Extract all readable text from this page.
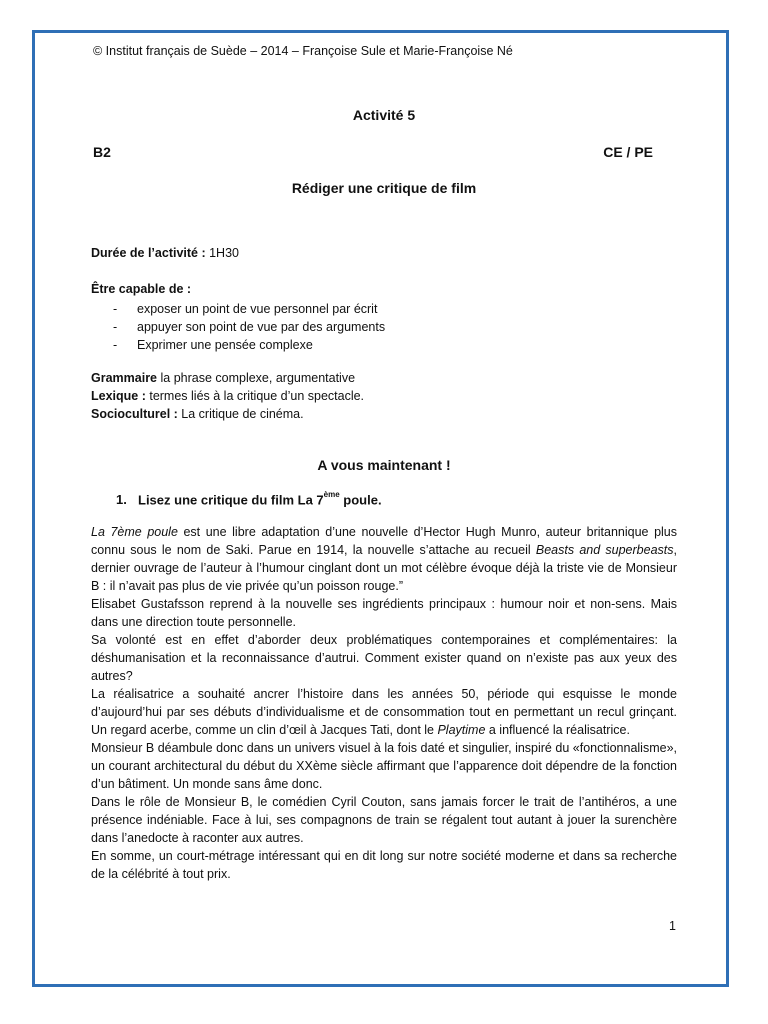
© Institut français de Suède – 2014 – Françoise Sule et Marie-Françoise Né
Activité 5
B2	CE / PE
Rédiger une critique de film
Durée de l’activité : 1H30
Être capable de :
- exposer un point de vue personnel par écrit
- appuyer son point de vue par des arguments
- Exprimer une pensée complexe
Grammaire la phrase complexe, argumentative
Lexique : termes liés à la critique d’un spectacle.
Socioculturel : La critique de cinéma.
A vous maintenant !
1. Lisez une critique du film La 7ème poule.

La 7ème poule est une libre adaptation d’une nouvelle d’Hector Hugh Munro, auteur britannique plus connu sous le nom de Saki. Parue en 1914, la nouvelle s’attache au recueil Beasts and superbeasts, dernier ouvrage de l’auteur à l’humour cinglant dont un mot célèbre évoque déjà la triste vie de Monsieur B : il n’avait pas plus de vie privée qu’un poisson rouge.”

Elisabet Gustafsson reprend à la nouvelle ses ingrédients principaux : humour noir et non-sens. Mais dans une direction toute personnelle.

Sa volonté est en effet d’aborder deux problématiques contemporaines et complémentaires: la déshumanisation et la reconnaissance d’autrui. Comment exister quand on n’existe pas aux yeux des autres?

La réalisatrice a souhaité ancrer l’histoire dans les années 50, période qui esquisse le monde d’aujourd’hui par ses débuts d’individualisme et de consommation tout en permettant un recul grinçant. Un regard acerbe, comme un clin d’œil à Jacques Tati, dont le Playtime a influencé la réalisatrice.

Monsieur B déambule donc dans un univers visuel à la fois daté et singulier, inspiré du «fonctionnalisme», un courant architectural du début du XXème siècle affirmant que l’apparence doit dépendre de la fonction d’un bâtiment. Un monde sans âme donc.

Dans le rôle de Monsieur B, le comédien Cyril Couton, sans jamais forcer le trait de l’antihéros, a une présence indéniable. Face à lui, ses compagnons de train se régalent tout autant à jouer la surenchère dans l’anedocte à raconter aux autres.

En somme, un court-métrage intéressant qui en dit long sur notre société moderne et dans sa recherche de la célébrité à tout prix.

1
